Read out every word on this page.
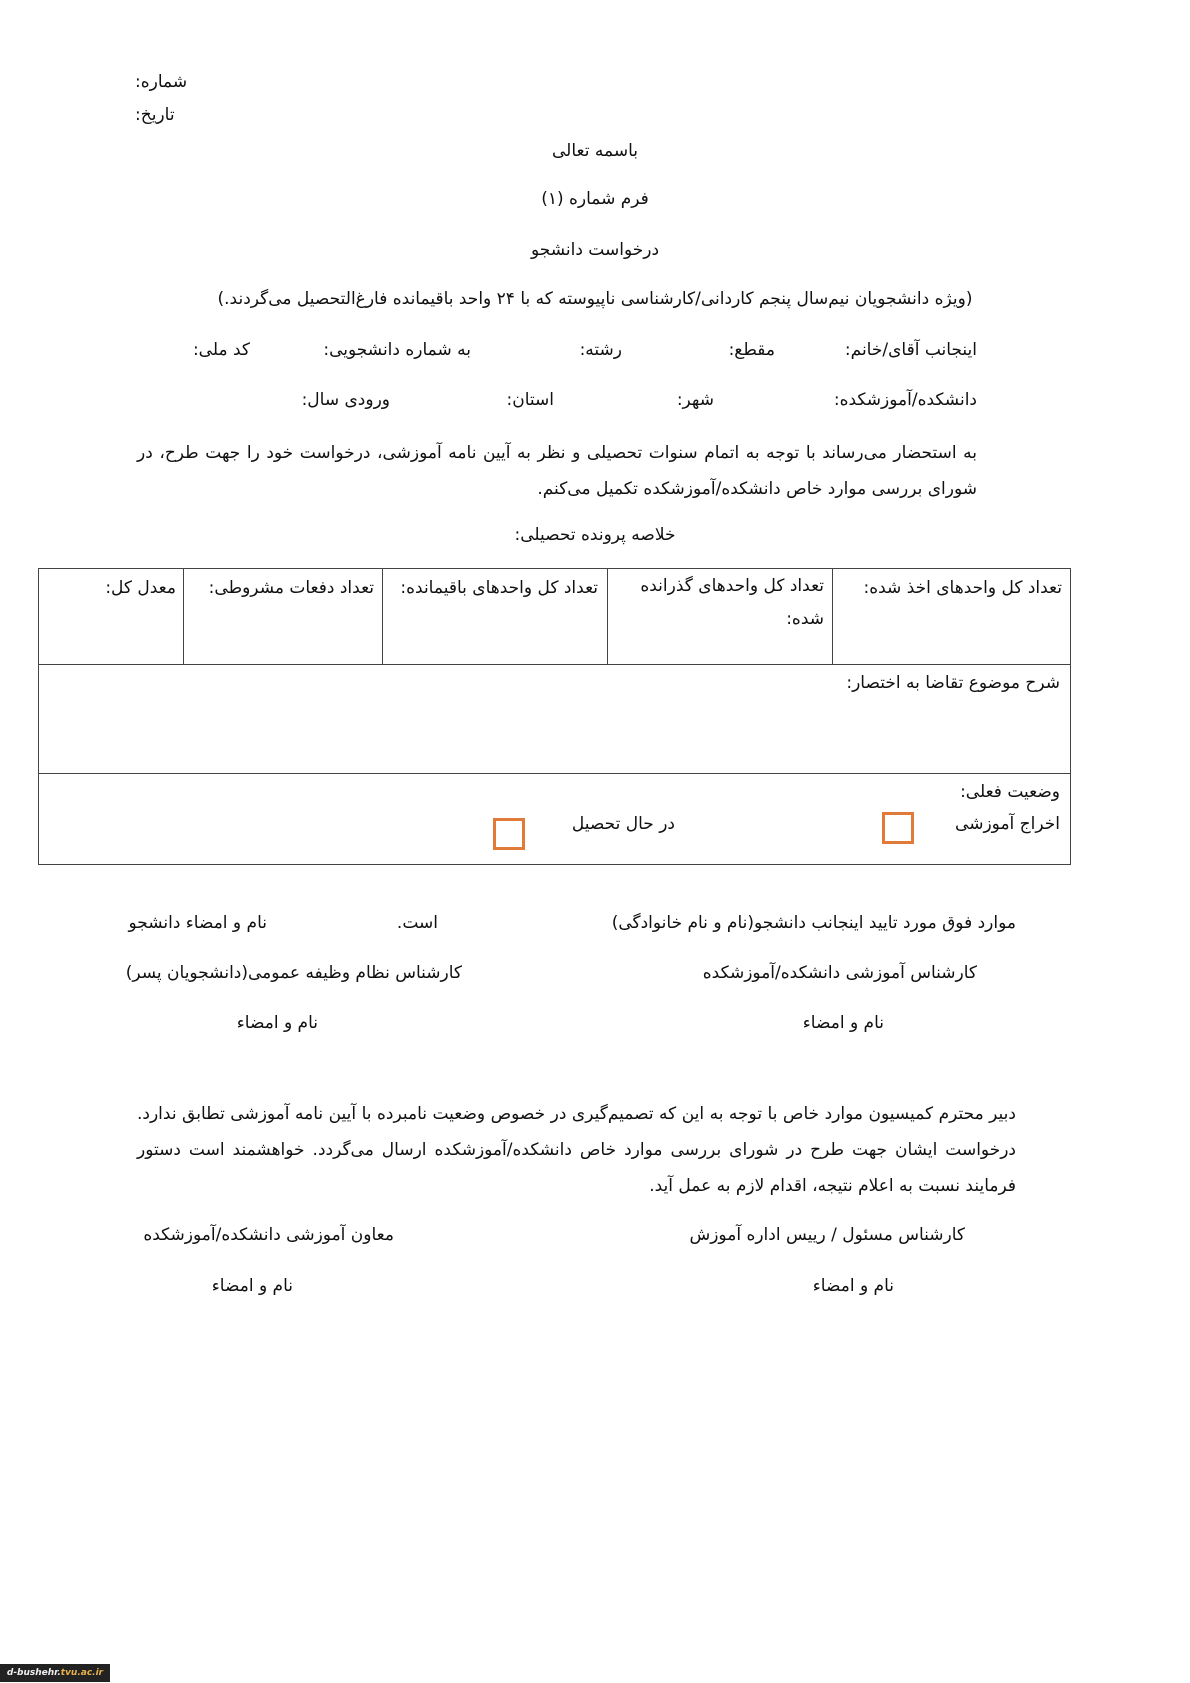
شماره:
تاریخ:
باسمه تعالی
فرم شماره (۱)
درخواست دانشجو
(ویژه دانشجویان نیم‌سال پنجم کاردانی/کارشناسی ناپیوسته که با ۲۴ واحد باقیمانده فارغ‌التحصیل می‌گردند.)
اینجانب آقای/خانم:
مقطع:
رشته:
به شماره دانشجویی:
کد ملی:
دانشکده/آموزشکده:
شهر:
استان:
ورودی سال:
به استحضار می‌رساند با توجه به اتمام سنوات تحصیلی و نظر به آیین نامه آموزشی، درخواست خود را جهت طرح، در شورای بررسی موارد خاص دانشکده/آموزشکده تکمیل می‌کنم.
خلاصه پرونده تحصیلی:
تعداد کل واحدهای اخذ شده:
تعداد کل واحدهای گذرانده شده:
تعداد کل واحدهای باقیمانده:
تعداد دفعات مشروطی:
معدل کل:
شرح موضوع تقاضا به اختصار:
وضعیت فعلی:
اخراج آموزشی
در حال تحصیل
موارد فوق مورد تایید اینجانب دانشجو(نام و نام خانوادگی)
است.
نام و امضاء دانشجو
کارشناس آموزشی دانشکده/آموزشکده
کارشناس نظام وظیفه عمومی(دانشجویان پسر)
نام و امضاء
نام و امضاء
دبیر محترم کمیسیون موارد خاص با توجه به این که تصمیم‌گیری در خصوص وضعیت نامبرده با آیین نامه آموزشی تطابق ندارد. درخواست ایشان جهت طرح در شورای بررسی موارد خاص دانشکده/آموزشکده ارسال می‌گردد. خواهشمند است دستور فرمایند نسبت به اعلام نتیجه، اقدام لازم به عمل آید.
کارشناس مسئول / رییس اداره آموزش
معاون آموزشی دانشکده/آموزشکده
نام و امضاء
نام و امضاء
d-bushehr.tvu.ac.ir
